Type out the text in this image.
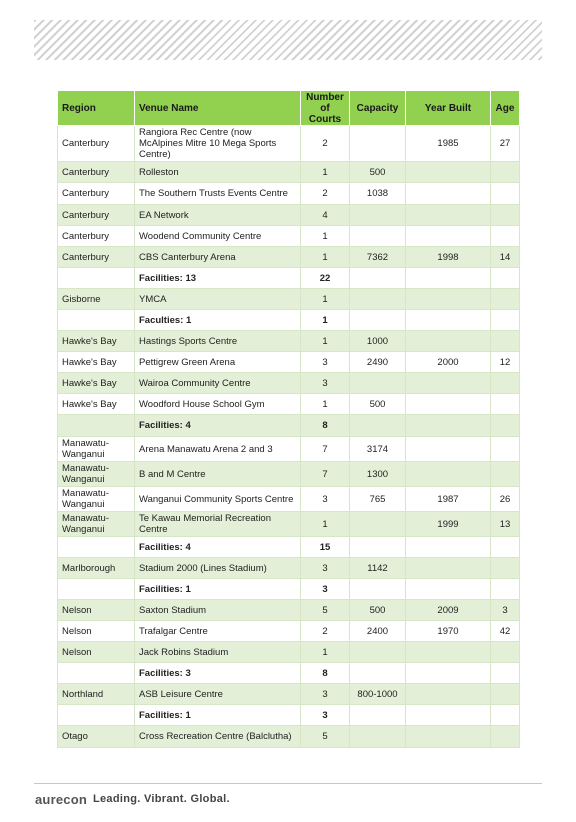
Region	Venue Name	Number of Courts	Capacity	Year Built	Age
Canterbury	Rangiora Rec Centre (now McAlpines Mitre 10 Mega Sports Centre)	2		1985	27
Canterbury	Rolleston	1	500		
Canterbury	The Southern Trusts Events Centre	2	1038		
Canterbury	EA Network	4			
Canterbury	Woodend Community Centre	1			
Canterbury	CBS Canterbury Arena	1	7362	1998	14
	Facilities: 13	22			
Gisborne	YMCA	1			
	Faculties: 1	1			
Hawke's Bay	Hastings Sports Centre	1	1000		
Hawke's Bay	Pettigrew Green Arena	3	2490	2000	12
Hawke's Bay	Wairoa Community Centre	3			
Hawke's Bay	Woodford House School Gym	1	500		
	Facilities: 4	8			
Manawatu-Wanganui	Arena Manawatu Arena 2 and 3	7	3174		
Manawatu-Wanganui	B and M Centre	7	1300		
Manawatu-Wanganui	Wanganui Community Sports Centre	3	765	1987	26
Manawatu-Wanganui	Te Kawau Memorial Recreation Centre	1		1999	13
	Facilities: 4	15			
Marlborough	Stadium 2000 (Lines Stadium)	3	1142		
	Facilities: 1	3			
Nelson	Saxton Stadium	5	500	2009	3
Nelson	Trafalgar Centre	2	2400	1970	42
Nelson	Jack Robins Stadium	1			
	Facilities: 3	8			
Northland	ASB Leisure Centre	3	800-1000		
	Facilities: 1	3			
Otago	Cross Recreation Centre (Balclutha)	5			
aurecon Leading. Vibrant. Global.
